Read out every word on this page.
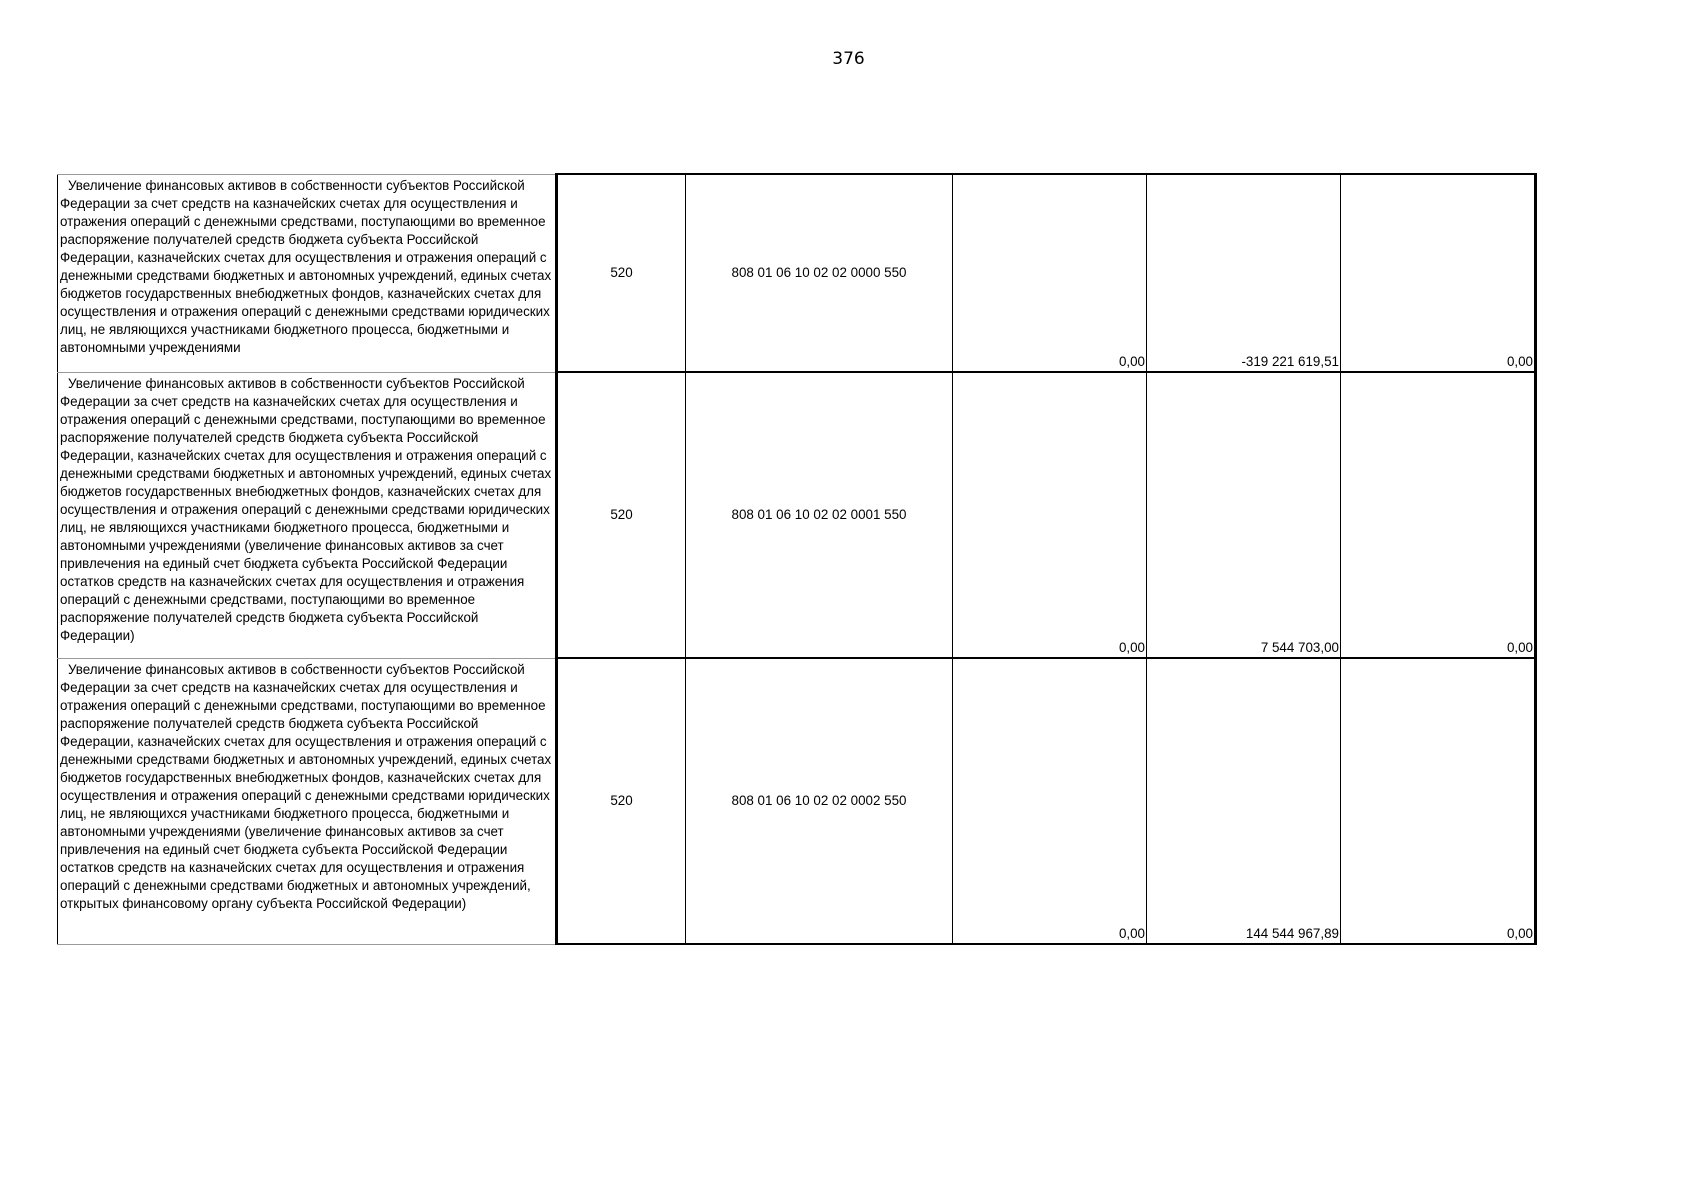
376
Увеличение финансовых активов в собственности субъектов Российской Федерации за счет средств на казначейских счетах для осуществления и отражения операций с денежными средствами, поступающими во временное распоряжение получателей средств бюджета субъекта Российской Федерации, казначейских счетах для осуществления и отражения операций с денежными средствами бюджетных и автономных учреждений, единых счетах бюджетов государственных внебюджетных фондов, казначейских счетах для осуществления и отражения операций с денежными средствами юридических лиц, не являющихся участниками бюджетного процесса, бюджетными и автономными учреждениями	520	808 01 06 10 02 02 0000 550	0,00	-319 221 619,51	0,00

Увеличение финансовых активов в собственности субъектов Российской Федерации за счет средств на казначейских счетах для осуществления и отражения операций с денежными средствами, поступающими во временное распоряжение получателей средств бюджета субъекта Российской Федерации, казначейских счетах для осуществления и отражения операций с денежными средствами бюджетных и автономных учреждений, единых счетах бюджетов государственных внебюджетных фондов, казначейских счетах для осуществления и отражения операций с денежными средствами юридических лиц, не являющихся участниками бюджетного процесса, бюджетными и автономными учреждениями (увеличение финансовых активов за счет привлечения на единый счет бюджета субъекта Российской Федерации остатков средств на казначейских счетах для осуществления и отражения операций с денежными средствами, поступающими во временное распоряжение получателей средств бюджета субъекта Российской Федерации)	520	808 01 06 10 02 02 0001 550	0,00	7 544 703,00	0,00

Увеличение финансовых активов в собственности субъектов Российской Федерации за счет средств на казначейских счетах для осуществления и отражения операций с денежными средствами, поступающими во временное распоряжение получателей средств бюджета субъекта Российской Федерации, казначейских счетах для осуществления и отражения операций с денежными средствами бюджетных и автономных учреждений, единых счетах бюджетов государственных внебюджетных фондов, казначейских счетах для осуществления и отражения операций с денежными средствами юридических лиц, не являющихся участниками бюджетного процесса, бюджетными и автономными учреждениями (увеличение финансовых активов за счет привлечения на единый счет бюджета субъекта Российской Федерации остатков средств на казначейских счетах для осуществления и отражения операций с денежными средствами бюджетных и автономных учреждений, открытых финансовому органу субъекта Российской Федерации)	520	808 01 06 10 02 02 0002 550	0,00	144 544 967,89	0,00
